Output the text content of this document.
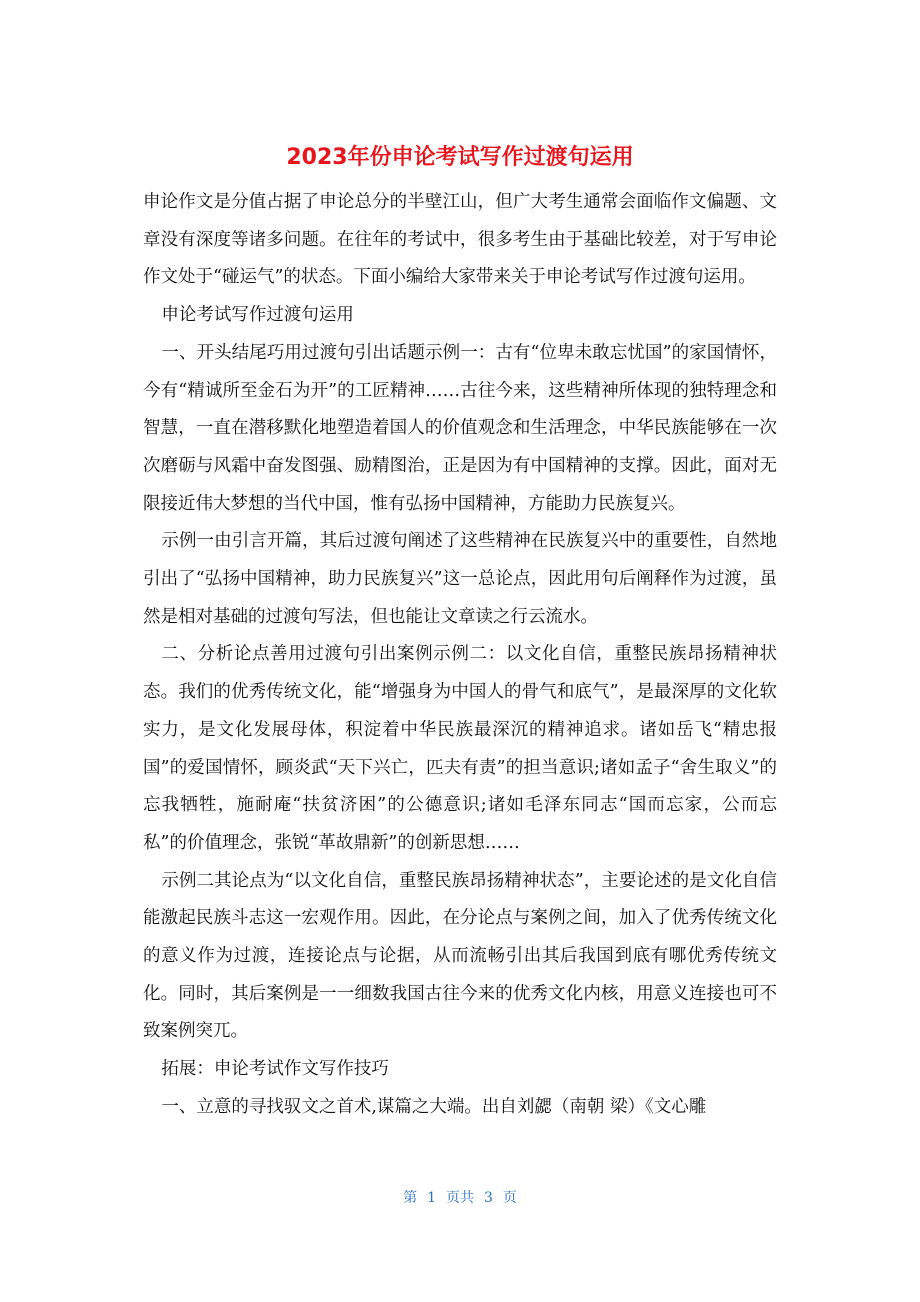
2023年份申论考试写作过渡句运用

申论作文是分值占据了申论总分的半壁江山，但广大考生通常会面临作文偏题、文章没有深度等诸多问题。在往年的考试中，很多考生由于基础比较差，对于写申论作文处于“碰运气”的状态。下面小编给大家带来关于申论考试写作过渡句运用。

申论考试写作过渡句运用

一、开头结尾巧用过渡句引出话题示例一：古有“位卑未敢忘忧国”的家国情怀，今有“精诚所至金石为开”的工匠精神……古往今来，这些精神所体现的独特理念和智慧，一直在潜移默化地塑造着国人的价值观念和生活理念，中华民族能够在一次次磨砺与风霜中奋发图强、励精图治，正是因为有中国精神的支撑。因此，面对无限接近伟大梦想的当代中国，惟有弘扬中国精神，方能助力民族复兴。

示例一由引言开篇，其后过渡句阐述了这些精神在民族复兴中的重要性，自然地引出了“弘扬中国精神，助力民族复兴”这一总论点，因此用句后阐释作为过渡，虽然是相对基础的过渡句写法，但也能让文章读之行云流水。

二、分析论点善用过渡句引出案例示例二：以文化自信，重整民族昂扬精神状态。我们的优秀传统文化，能“增强身为中国人的骨气和底气”，是最深厚的文化软实力，是文化发展母体，积淀着中华民族最深沉的精神追求。诸如岳飞“精忠报国”的爱国情怀，顾炎武“天下兴亡，匹夫有责”的担当意识;诸如孟子“舍生取义”的忘我牺牲，施耐庵“扶贫济困”的公德意识;诸如毛泽东同志“国而忘家，公而忘私”的价值理念，张锐“革故鼎新”的创新思想……

示例二其论点为“以文化自信，重整民族昂扬精神状态”，主要论述的是文化自信能激起民族斗志这一宏观作用。因此，在分论点与案例之间，加入了优秀传统文化的意义作为过渡，连接论点与论据，从而流畅引出其后我国到底有哪优秀传统文化。同时，其后案例是一一细数我国古往今来的优秀文化内核，用意义连接也可不致案例突兀。

拓展：申论考试作文写作技巧

一、立意的寻找驭文之首术,谋篇之大端。出自刘勰（南朝 梁）《文心雕

第 1 页共 3 页
